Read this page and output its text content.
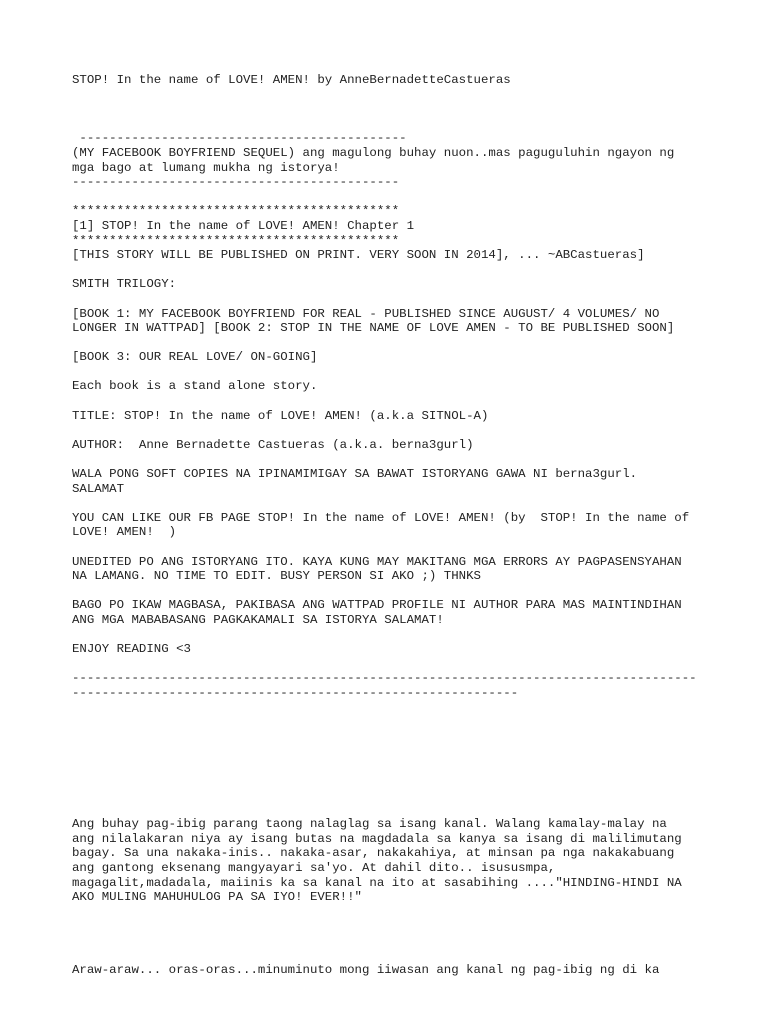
STOP! In the name of LOVE! AMEN! by AnneBernadetteCastueras
--------------------------------------------
(MY FACEBOOK BOYFRIEND SEQUEL) ang magulong buhay nuon..mas paguguluhin ngayon ng
mga bago at lumang mukha ng istorya!
--------------------------------------------
********************************************
[1] STOP! In the name of LOVE! AMEN! Chapter 1
********************************************
[THIS STORY WILL BE PUBLISHED ON PRINT. VERY SOON IN 2014], ... ~ABCastueras]
SMITH TRILOGY:
[BOOK 1: MY FACEBOOK BOYFRIEND FOR REAL - PUBLISHED SINCE AUGUST/ 4 VOLUMES/ NO
LONGER IN WATTPAD] [BOOK 2: STOP IN THE NAME OF LOVE AMEN - TO BE PUBLISHED SOON]
[BOOK 3: OUR REAL LOVE/ ON-GOING]
Each book is a stand alone story.
TITLE: STOP! In the name of LOVE! AMEN! (a.k.a SITNOL-A)
AUTHOR:  Anne Bernadette Castueras (a.k.a. berna3gurl)
WALA PONG SOFT COPIES NA IPINAMIMIGAY SA BAWAT ISTORYANG GAWA NI berna3gurl.
SALAMAT
YOU CAN LIKE OUR FB PAGE STOP! In the name of LOVE! AMEN! (by  STOP! In the name of
LOVE! AMEN!  )
UNEDITED PO ANG ISTORYANG ITO. KAYA KUNG MAY MAKITANG MGA ERRORS AY PAGPASENSYAHAN
NA LAMANG. NO TIME TO EDIT. BUSY PERSON SI AKO ;) THNKS
BAGO PO IKAW MAGBASA, PAKIBASA ANG WATTPAD PROFILE NI AUTHOR PARA MAS MAINTINDIHAN
ANG MGA MABABASANG PAGKAKAMALI SA ISTORYA SALAMAT!
ENJOY READING <3
------------------------------------------------------------------------------------
------------------------------------------------------------
Ang buhay pag-ibig parang taong nalaglag sa isang kanal. Walang kamalay-malay na
ang nilalakaran niya ay isang butas na magdadala sa kanya sa isang di malilimutang
bagay. Sa una nakaka-inis.. nakaka-asar, nakakahiya, at minsan pa nga nakakabuang
ang gantong eksenang mangyayari sa'yo. At dahil dito.. isususmpa,
magagalit,madadala, maiinis ka sa kanal na ito at sasabihing ...."HINDING-HINDI NA
AKO MULING MAHUHULOG PA SA IYO! EVER!!"
Araw-araw... oras-oras...minuminuto mong iiwasan ang kanal ng pag-ibig ng di ka
